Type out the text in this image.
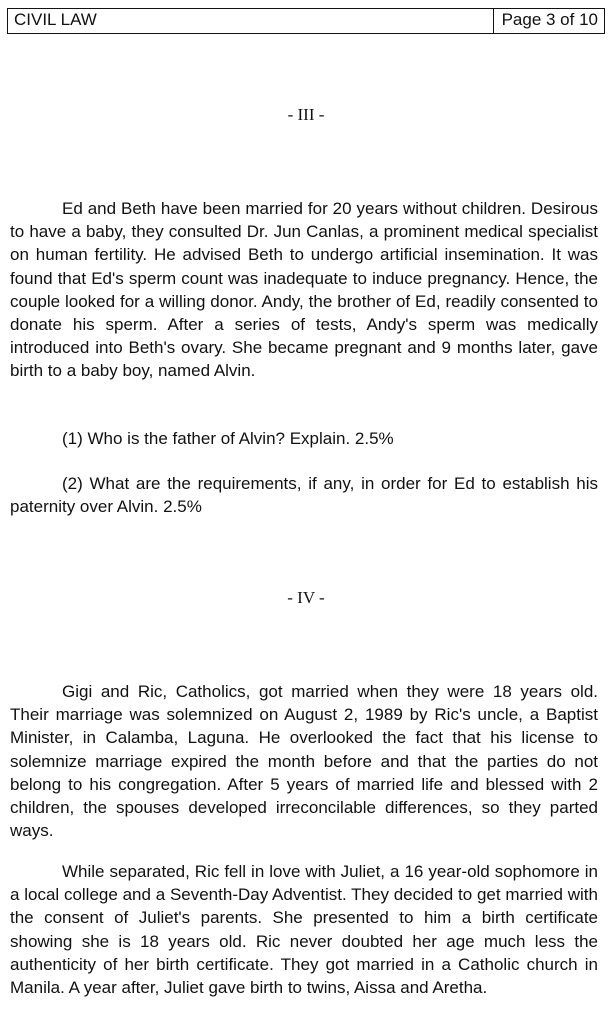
CIVIL LAW	Page 3 of 10
- III -

Ed and Beth have been married for 20 years without children. Desirous to have a baby, they consulted Dr. Jun Canlas, a prominent medical specialist on human fertility. He advised Beth to undergo artificial insemination. It was found that Ed's sperm count was inadequate to induce pregnancy. Hence, the couple looked for a willing donor. Andy, the brother of Ed, readily consented to donate his sperm. After a series of tests, Andy's sperm was medically introduced into Beth's ovary. She became pregnant and 9 months later, gave birth to a baby boy, named Alvin.

(1) Who is the father of Alvin? Explain. 2.5%

(2) What are the requirements, if any, in order for Ed to establish his paternity over Alvin. 2.5%

- IV -

Gigi and Ric, Catholics, got married when they were 18 years old. Their marriage was solemnized on August 2, 1989 by Ric's uncle, a Baptist Minister, in Calamba, Laguna. He overlooked the fact that his license to solemnize marriage expired the month before and that the parties do not belong to his congregation. After 5 years of married life and blessed with 2 children, the spouses developed irreconcilable differences, so they parted ways.

While separated, Ric fell in love with Juliet, a 16 year-old sophomore in a local college and a Seventh-Day Adventist. They decided to get married with the consent of Juliet's parents. She presented to him a birth certificate showing she is 18 years old. Ric never doubted her age much less the authenticity of her birth certificate. They got married in a Catholic church in Manila. A year after, Juliet gave birth to twins, Aissa and Aretha.
